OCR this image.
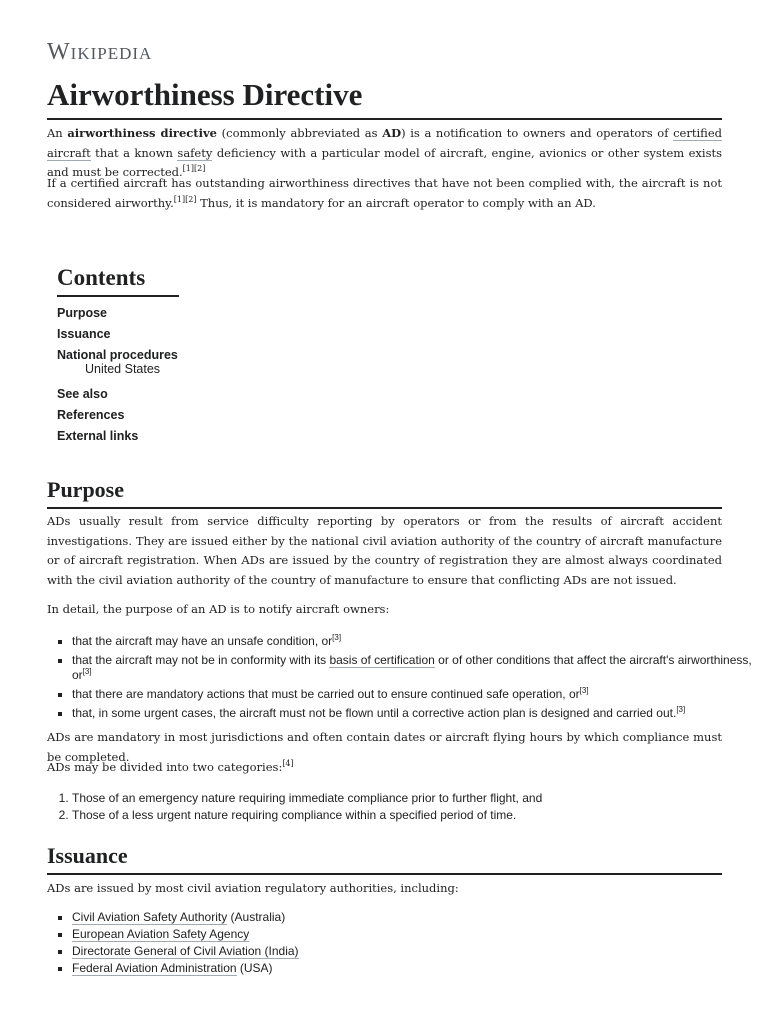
Wikipedia
Airworthiness Directive

An airworthiness directive (commonly abbreviated as AD) is a notification to owners and operators of certified aircraft that a known safety deficiency with a particular model of aircraft, engine, avionics or other system exists and must be corrected.[1][2]

If a certified aircraft has outstanding airworthiness directives that have not been complied with, the aircraft is not considered airworthy.[1][2] Thus, it is mandatory for an aircraft operator to comply with an AD.

Contents
Purpose
Issuance
National procedures
United States
See also
References
External links
Purpose

ADs usually result from service difficulty reporting by operators or from the results of aircraft accident investigations. They are issued either by the national civil aviation authority of the country of aircraft manufacture or of aircraft registration. When ADs are issued by the country of registration they are almost always coordinated with the civil aviation authority of the country of manufacture to ensure that conflicting ADs are not issued.

In detail, the purpose of an AD is to notify aircraft owners:

▪ that the aircraft may have an unsafe condition, or[3]
▪ that the aircraft may not be in conformity with its basis of certification or of other conditions that affect the aircraft's airworthiness, or[3]
▪ that there are mandatory actions that must be carried out to ensure continued safe operation, or[3]
▪ that, in some urgent cases, the aircraft must not be flown until a corrective action plan is designed and carried out.[3]

ADs are mandatory in most jurisdictions and often contain dates or aircraft flying hours by which compliance must be completed.

ADs may be divided into two categories:[4]

1. Those of an emergency nature requiring immediate compliance prior to further flight, and
2. Those of a less urgent nature requiring compliance within a specified period of time.
Issuance

ADs are issued by most civil aviation regulatory authorities, including:

▪ Civil Aviation Safety Authority (Australia)
▪ European Aviation Safety Agency
▪ Directorate General of Civil Aviation (India)
▪ Federal Aviation Administration (USA)
